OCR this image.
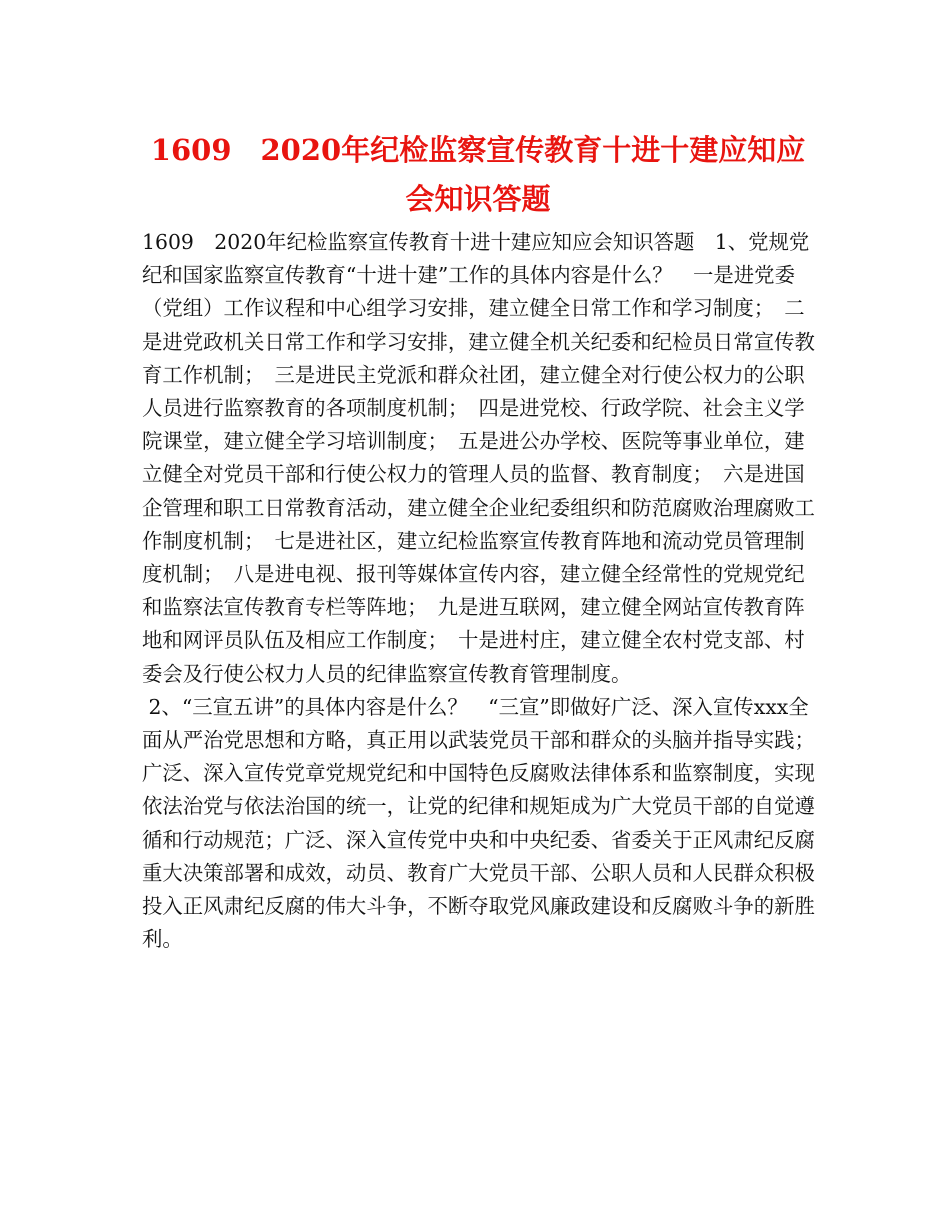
1609　2020年纪检监察宣传教育十进十建应知应会知识答题

1609　2020年纪检监察宣传教育十进十建应知应会知识答题　1、党规党纪和国家监察宣传教育“十进十建”工作的具体内容是什么？　一是进党委（党组）工作议程和中心组学习安排，建立健全日常工作和学习制度；　二是进党政机关日常工作和学习安排，建立健全机关纪委和纪检员日常宣传教育工作机制；　三是进民主党派和群众社团，建立健全对行使公权力的公职人员进行监察教育的各项制度机制；　四是进党校、行政学院、社会主义学院课堂，建立健全学习培训制度；　五是进公办学校、医院等事业单位，建立健全对党员干部和行使公权力的管理人员的监督、教育制度；　六是进国企管理和职工日常教育活动，建立健全企业纪委组织和防范腐败治理腐败工作制度机制；　七是进社区，建立纪检监察宣传教育阵地和流动党员管理制度机制；　八是进电视、报刊等媒体宣传内容，建立健全经常性的党规党纪和监察法宣传教育专栏等阵地；　九是进互联网，建立健全网站宣传教育阵地和网评员队伍及相应工作制度；　十是进村庄，建立健全农村党支部、村委会及行使公权力人员的纪律监察宣传教育管理制度。

2、“三宣五讲”的具体内容是什么？　“三宣”即做好广泛、深入宣传xxx全面从严治党思想和方略，真正用以武装党员干部和群众的头脑并指导实践；广泛、深入宣传党章党规党纪和中国特色反腐败法律体系和监察制度，实现依法治党与依法治国的统一，让党的纪律和规矩成为广大党员干部的自觉遵循和行动规范；广泛、深入宣传党中央和中央纪委、省委关于正风肃纪反腐重大决策部署和成效，动员、教育广大党员干部、公职人员和人民群众积极投入正风肃纪反腐的伟大斗争，不断夺取党风廉政建设和反腐败斗争的新胜利。
